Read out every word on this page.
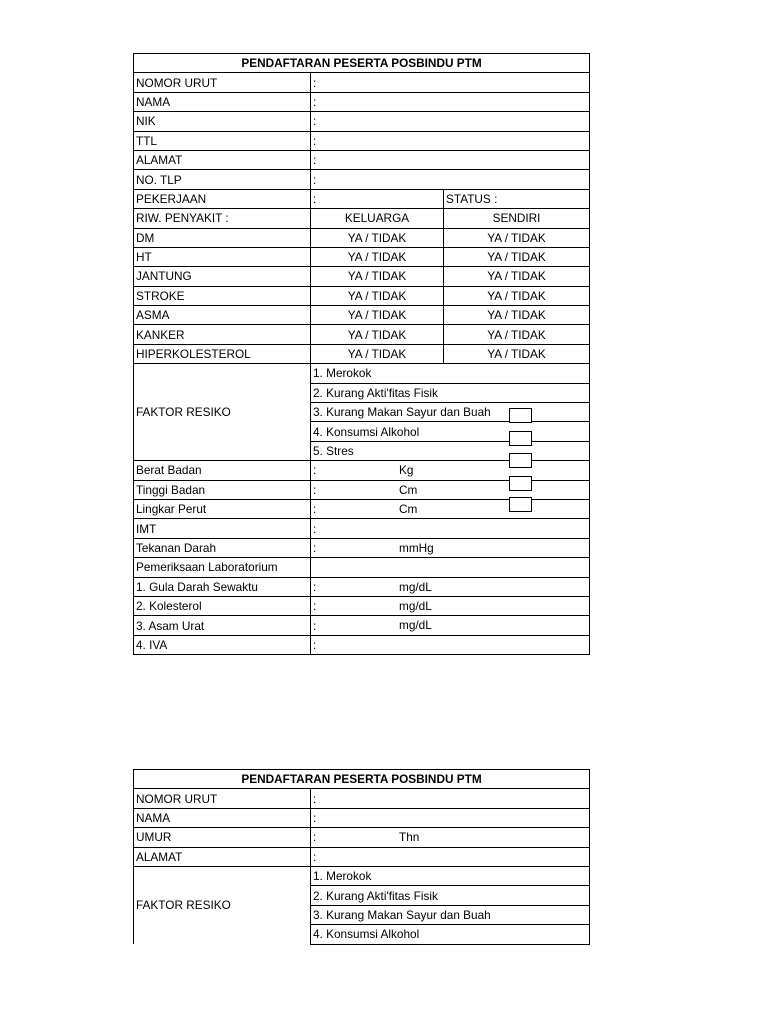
PENDAFTARAN PESERTA POSBINDU PTM		
NOMOR URUT	:	
NAMA	:	
NIK	:	
TTL	:	
ALAMAT	:	
NO. TLP	:	
PEKERJAAN	:	STATUS :
RIW. PENYAKIT :	KELUARGA	SENDIRI
DM	YA / TIDAK	YA / TIDAK
HT	YA / TIDAK	YA / TIDAK
JANTUNG	YA / TIDAK	YA / TIDAK
STROKE	YA / TIDAK	YA / TIDAK
ASMA	YA / TIDAK	YA / TIDAK
KANKER	YA / TIDAK	YA / TIDAK
HIPERKOLESTEROL	YA / TIDAK	YA / TIDAK
FAKTOR RESIKO	1. Merokok	
	2. Kurang Akti'fitas Fisik	
	3. Kurang Makan Sayur dan Buah	
	4. Konsumsi Alkohol	
	5. Stres	
Berat Badan	: Kg	

Tinggi Badan	: Cm	

Lingkar Perut	: Cm	

IMT	:	
Tekanan Darah	: mmHg	

Pemeriksaan Laboratorium		
1. Gula Darah Sewaktu	: mg/dL	

2. Kolesterol	: mg/dL	

3. Asam Urat	: mg/dL	

4. IVA	:	
PENDAFTARAN PESERTA POSBINDU PTM	
NOMOR URUT	:
NAMA	:
UMUR	: Thn

ALAMAT	:
FAKTOR RESIKO	1. Merokok
	2. Kurang Akti'fitas Fisik
	3. Kurang Makan Sayur dan Buah
	4. Konsumsi Alkohol
